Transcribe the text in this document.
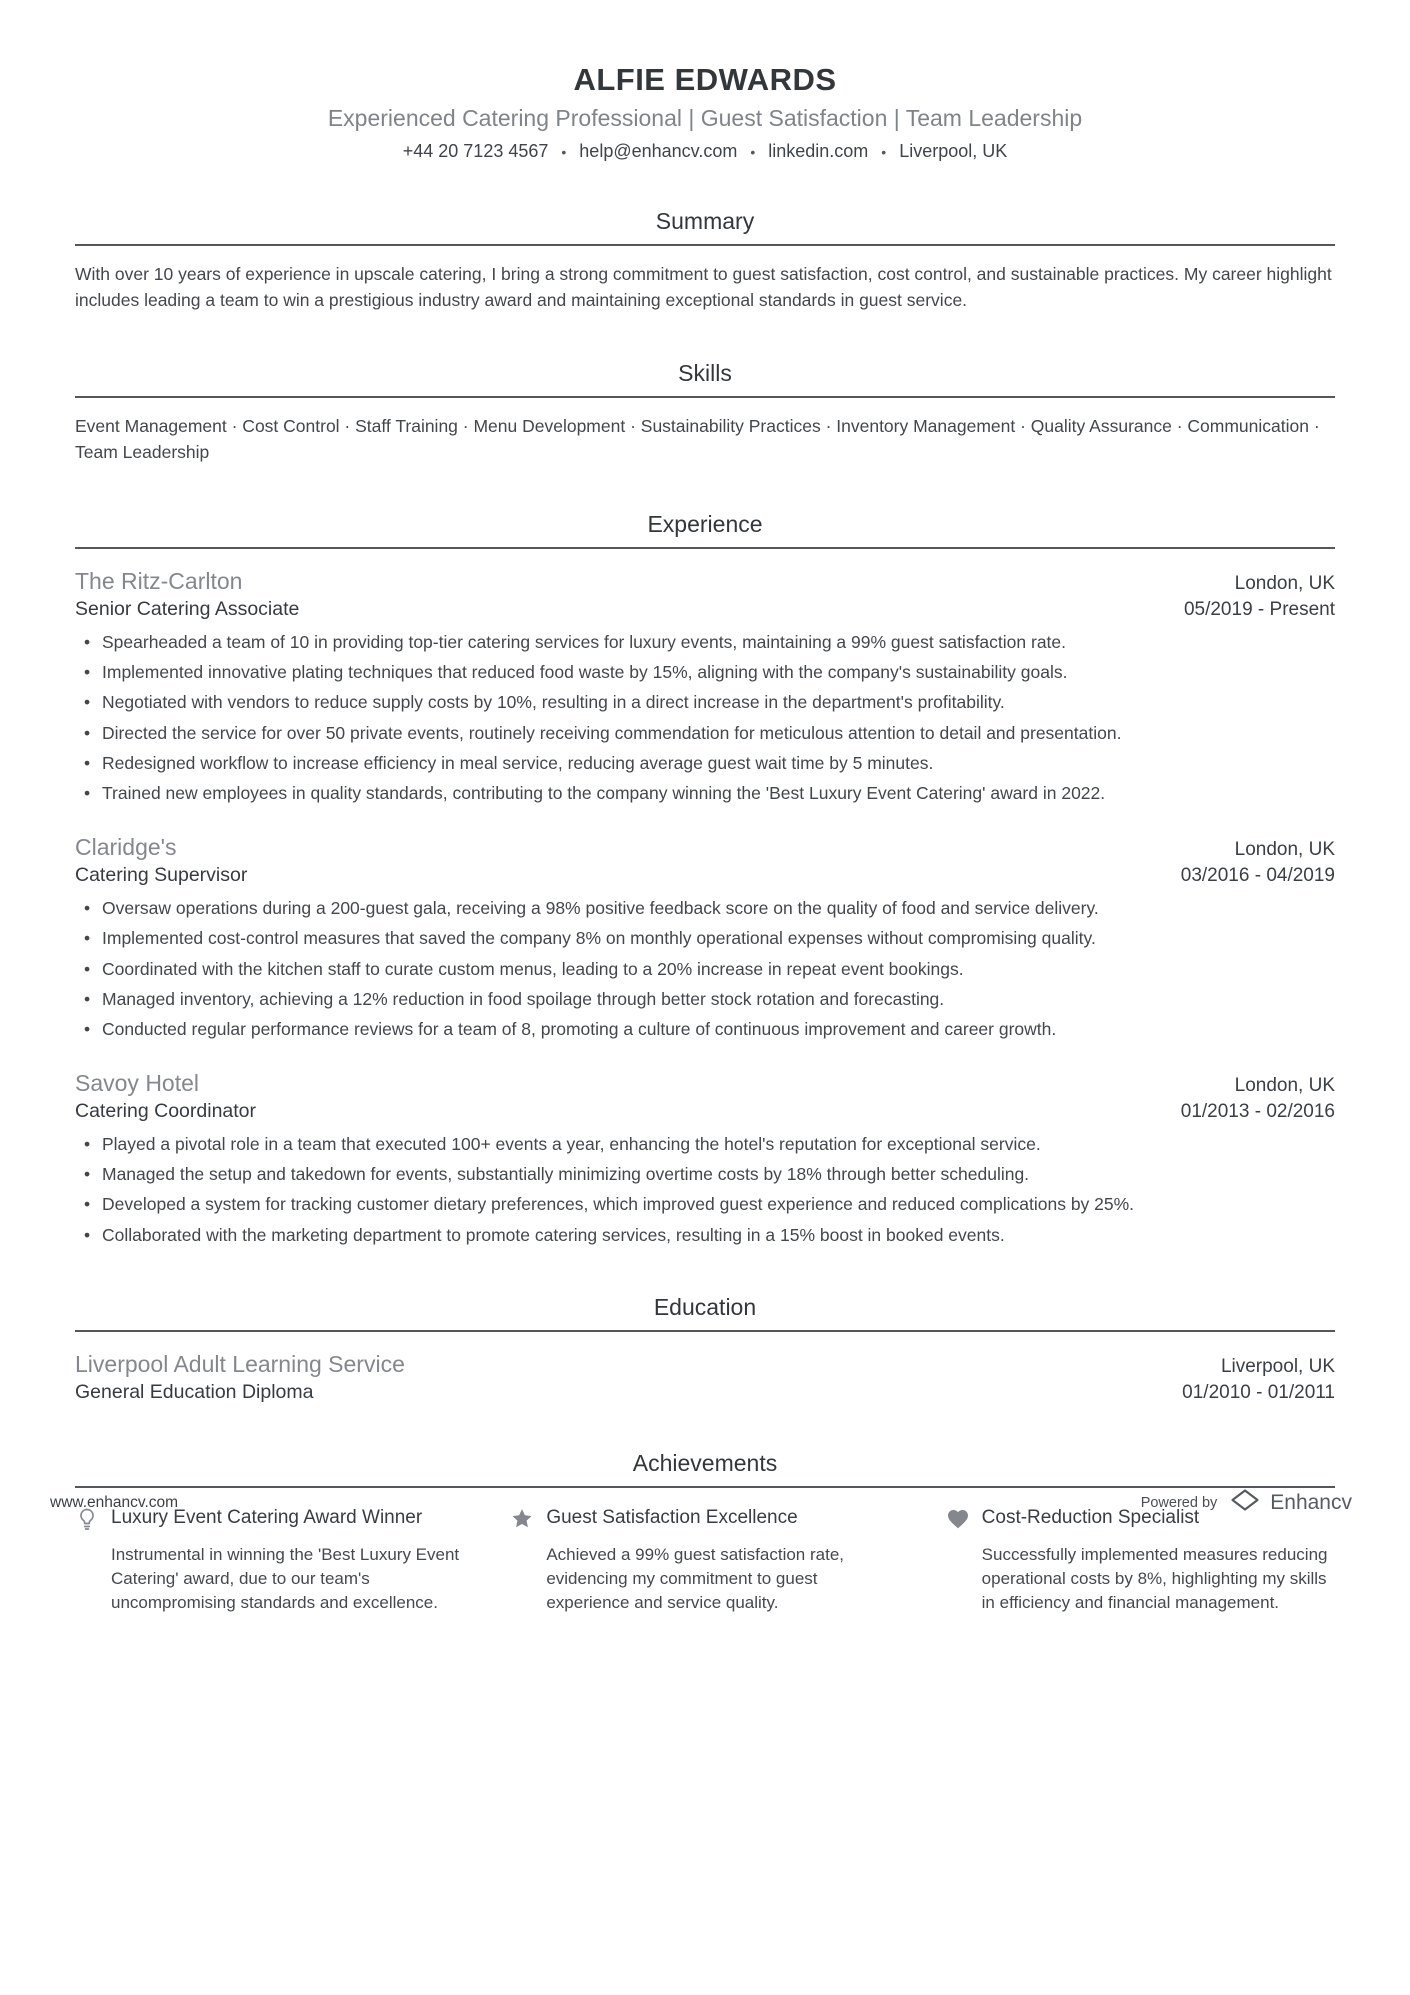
ALFIE EDWARDS
Experienced Catering Professional | Guest Satisfaction | Team Leadership
+44 20 7123 4567	• help@enhancv.com	• linkedin.com	• Liverpool, UK
Summary
With over 10 years of experience in upscale catering, I bring a strong commitment to guest satisfaction, cost control, and sustainable practices. My career highlight includes leading a team to win a prestigious industry award and maintaining exceptional standards in guest service.
Skills
Event Management · Cost Control · Staff Training · Menu Development · Sustainability Practices · Inventory Management · Quality Assurance · Communication · Team Leadership
Experience
The Ritz-Carlton	London, UK
Senior Catering Associate	05/2019 - Present
• Spearheaded a team of 10 in providing top-tier catering services for luxury events, maintaining a 99% guest satisfaction rate.
• Implemented innovative plating techniques that reduced food waste by 15%, aligning with the company's sustainability goals.
• Negotiated with vendors to reduce supply costs by 10%, resulting in a direct increase in the department's profitability.
• Directed the service for over 50 private events, routinely receiving commendation for meticulous attention to detail and presentation.
• Redesigned workflow to increase efficiency in meal service, reducing average guest wait time by 5 minutes.
• Trained new employees in quality standards, contributing to the company winning the 'Best Luxury Event Catering' award in 2022.
Claridge's	London, UK
Catering Supervisor	03/2016 - 04/2019
• Oversaw operations during a 200-guest gala, receiving a 98% positive feedback score on the quality of food and service delivery.
• Implemented cost-control measures that saved the company 8% on monthly operational expenses without compromising quality.
• Coordinated with the kitchen staff to curate custom menus, leading to a 20% increase in repeat event bookings.
• Managed inventory, achieving a 12% reduction in food spoilage through better stock rotation and forecasting.
• Conducted regular performance reviews for a team of 8, promoting a culture of continuous improvement and career growth.
Savoy Hotel	London, UK
Catering Coordinator	01/2013 - 02/2016
• Played a pivotal role in a team that executed 100+ events a year, enhancing the hotel's reputation for exceptional service.
• Managed the setup and takedown for events, substantially minimizing overtime costs by 18% through better scheduling.
• Developed a system for tracking customer dietary preferences, which improved guest experience and reduced complications by 25%.
• Collaborated with the marketing department to promote catering services, resulting in a 15% boost in booked events.
Education
Liverpool Adult Learning Service	Liverpool, UK
General Education Diploma	01/2010 - 01/2011
Achievements
Luxury Event Catering Award Winner
Instrumental in winning the 'Best Luxury Event Catering' award, due to our team's uncompromising standards and excellence.
Guest Satisfaction Excellence
Achieved a 99% guest satisfaction rate, evidencing my commitment to guest experience and service quality.
Cost-Reduction Specialist
Successfully implemented measures reducing operational costs by 8%, highlighting my skills in efficiency and financial management.
www.enhancv.com	Powered by	Enhancv
